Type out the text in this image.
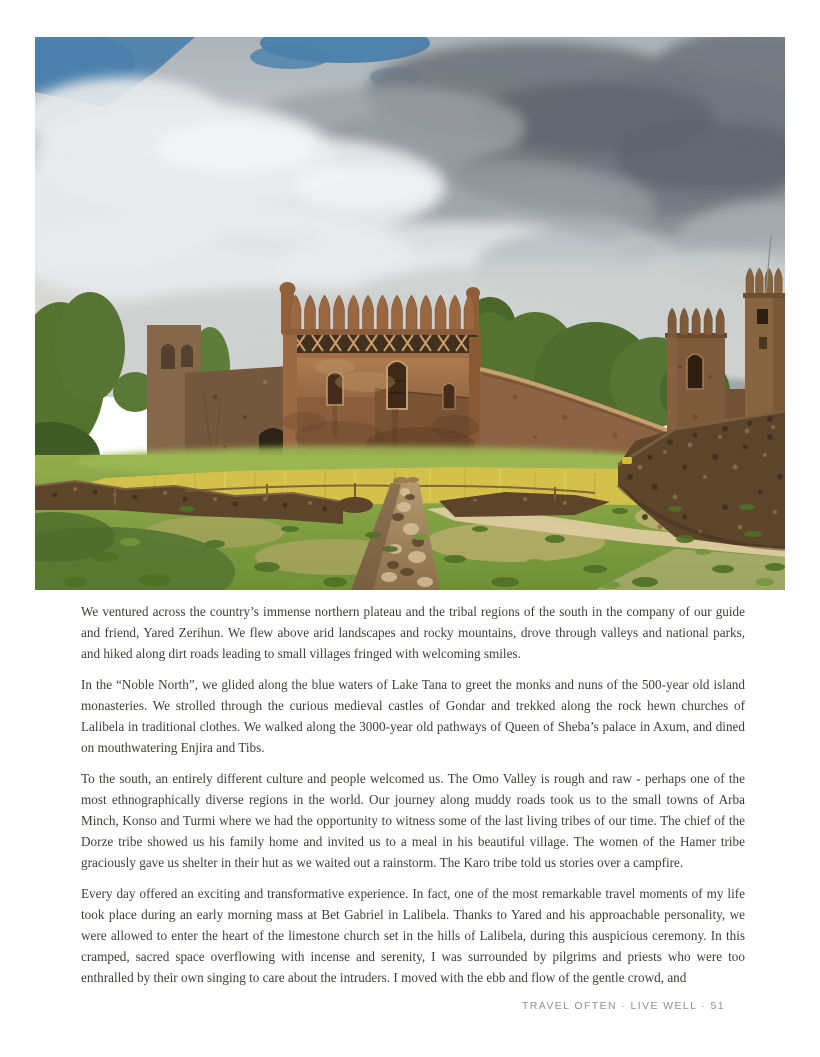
We ventured across the country’s immense northern plateau and the tribal regions of the south in the company of our guide and friend, Yared Zerihun. We flew above arid landscapes and rocky mountains, drove through valleys and national parks, and hiked along dirt roads leading to small villages fringed with welcoming smiles.

In the “Noble North”, we glided along the blue waters of Lake Tana to greet the monks and nuns of the 500-year old island monasteries. We strolled through the curious medieval castles of Gondar and trekked along the rock hewn churches of Lalibela in traditional clothes. We walked along the 3000-year old pathways of Queen of Sheba’s palace in Axum, and dined on mouthwatering Enjira and Tibs.

To the south, an entirely different culture and people welcomed us. The Omo Valley is rough and raw - perhaps one of the most ethnographically diverse regions in the world. Our journey along muddy roads took us to the small towns of Arba Minch, Konso and Turmi where we had the opportunity to witness some of the last living tribes of our time. The chief of the Dorze tribe showed us his family home and invited us to a meal in his beautiful village. The women of the Hamer tribe graciously gave us shelter in their hut as we waited out a rainstorm. The Karo tribe told us stories over a campfire.

Every day offered an exciting and transformative experience. In fact, one of the most remarkable travel moments of my life took place during an early morning mass at Bet Gabriel in Lalibela. Thanks to Yared and his approachable personality, we were allowed to enter the heart of the limestone church set in the hills of Lalibela, during this auspicious ceremony. In this cramped, sacred space overflowing with incense and serenity, I was surrounded by pilgrims and priests who were too enthralled by their own singing to care about the intruders. I moved with the ebb and flow of the gentle crowd, and

TRAVEL OFTEN · LIVE WELL · 51
